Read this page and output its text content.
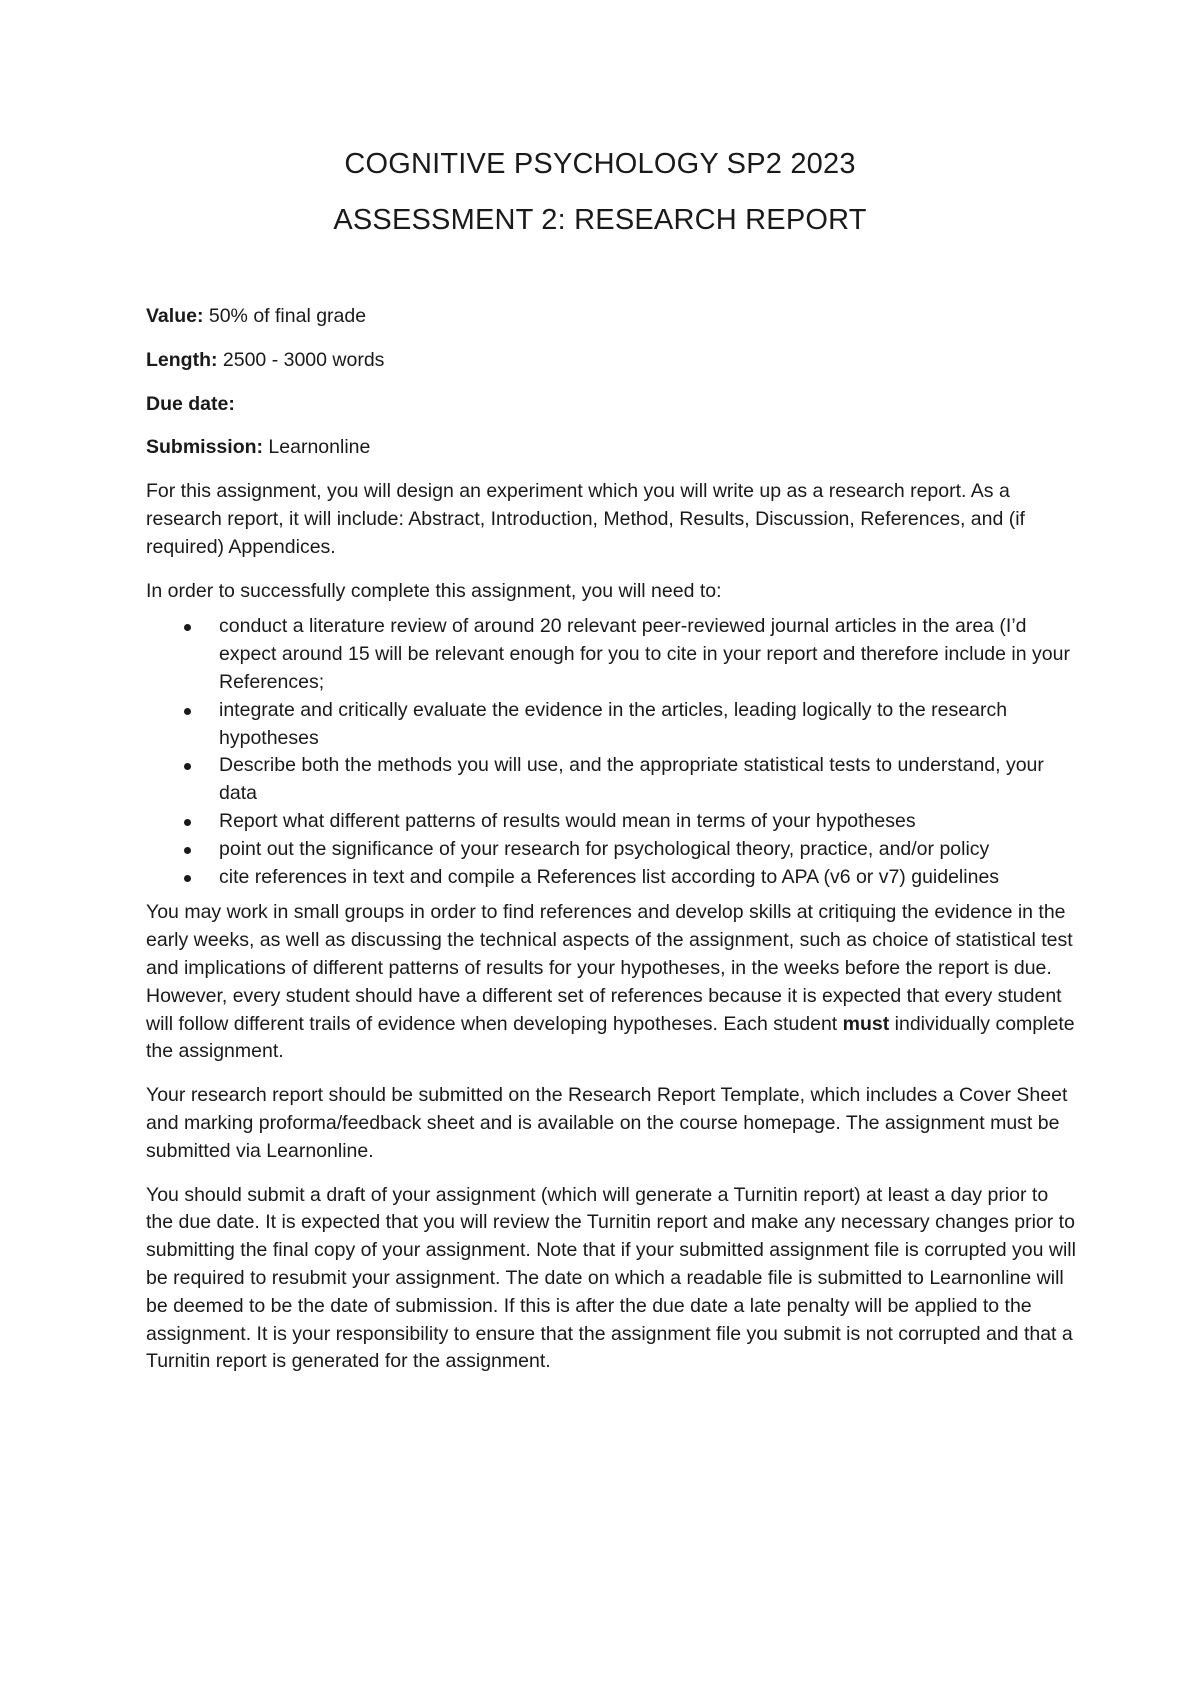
COGNITIVE PSYCHOLOGY SP2 2023
ASSESSMENT 2: RESEARCH REPORT

Value: 50% of final grade

Length: 2500 - 3000 words

Due date:

Submission: Learnonline

For this assignment, you will design an experiment which you will write up as a research report. As a research report, it will include: Abstract, Introduction, Method, Results, Discussion, References, and (if required) Appendices.

In order to successfully complete this assignment, you will need to:

conduct a literature review of around 20 relevant peer-reviewed journal articles in the area (I’d expect around 15 will be relevant enough for you to cite in your report and therefore include in your References;
integrate and critically evaluate the evidence in the articles, leading logically to the research hypotheses
Describe both the methods you will use, and the appropriate statistical tests to understand, your data
Report what different patterns of results would mean in terms of your hypotheses
point out the significance of your research for psychological theory, practice, and/or policy
cite references in text and compile a References list according to APA (v6 or v7) guidelines

You may work in small groups in order to find references and develop skills at critiquing the evidence in the early weeks, as well as discussing the technical aspects of the assignment, such as choice of statistical test and implications of different patterns of results for your hypotheses, in the weeks before the report is due. However, every student should have a different set of references because it is expected that every student will follow different trails of evidence when developing hypotheses. Each student must individually complete the assignment.

Your research report should be submitted on the Research Report Template, which includes a Cover Sheet and marking proforma/feedback sheet and is available on the course homepage. The assignment must be submitted via Learnonline.

You should submit a draft of your assignment (which will generate a Turnitin report) at least a day prior to the due date. It is expected that you will review the Turnitin report and make any necessary changes prior to submitting the final copy of your assignment. Note that if your submitted assignment file is corrupted you will be required to resubmit your assignment. The date on which a readable file is submitted to Learnonline will be deemed to be the date of submission. If this is after the due date a late penalty will be applied to the assignment. It is your responsibility to ensure that the assignment file you submit is not corrupted and that a Turnitin report is generated for the assignment.
